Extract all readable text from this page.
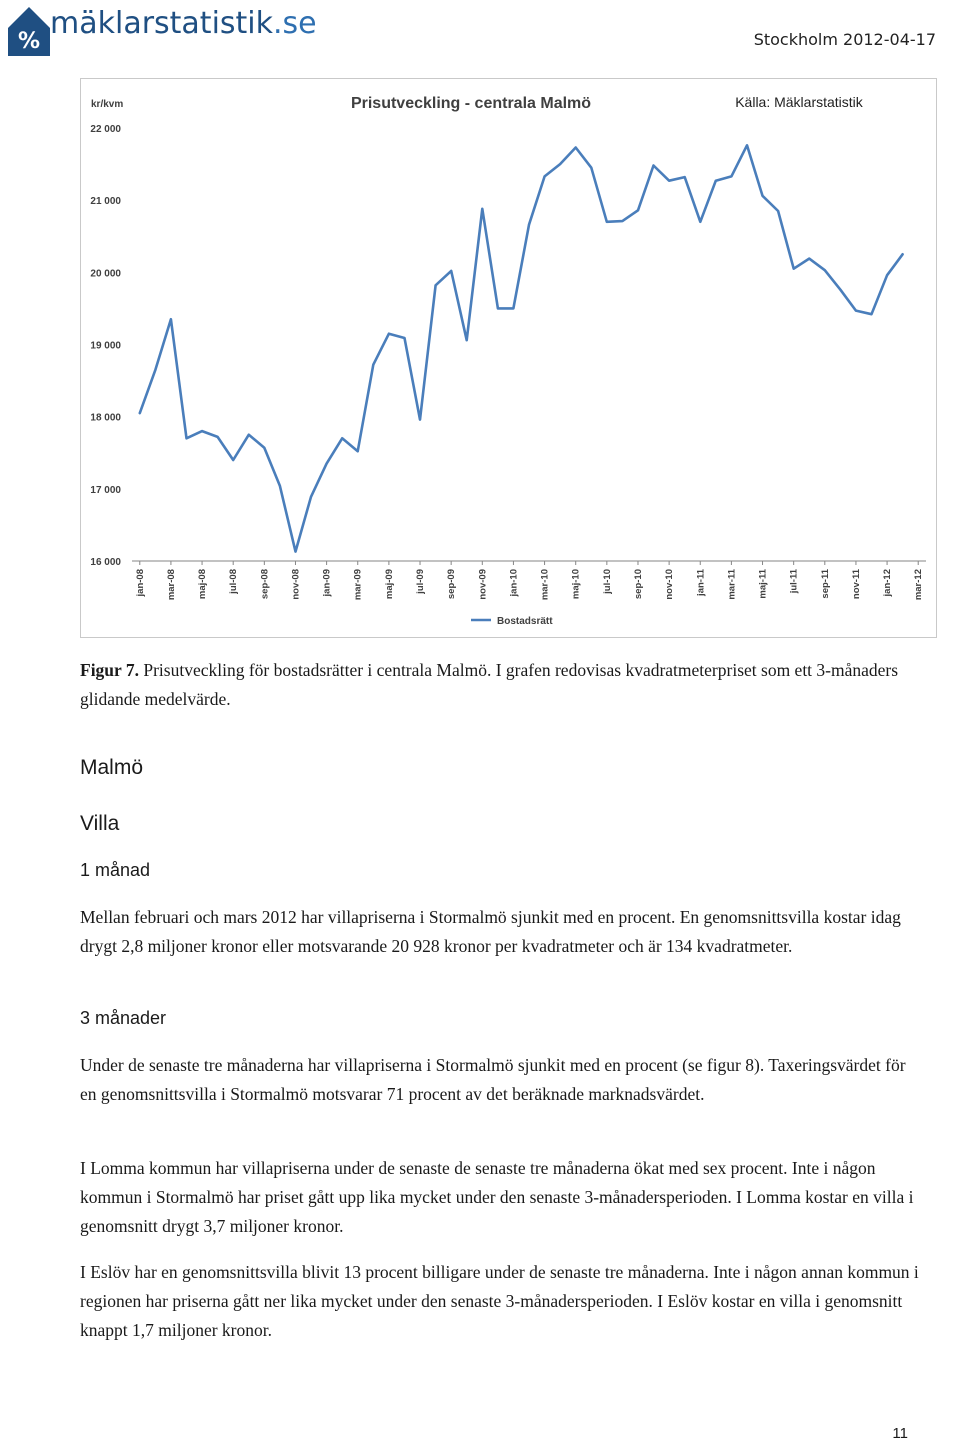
%
mäklarstatistik.se	Stockholm 2012-04-17
Prisutveckling - centrala Malmö	Källa: Mäklarstatistik
kr/kvm
16 000
17 000
18 000
19 000
20 000
21 000
22 000
jan-08 mar-08 maj-08 jul-08 sep-08 nov-08 jan-09 mar-09 maj-09 jul-09 sep-09 nov-09 jan-10 mar-10 maj-10 jul-10 sep-10 nov-10 jan-11 mar-11 maj-11 jul-11 sep-11 nov-11 jan-12 mar-12
Bostadsrätt
Figur 7. Prisutveckling för bostadsrätter i centrala Malmö. I grafen redovisas kvadratmeterpriset som ett 3-månaders glidande medelvärde.
Malmö
Villa
1 månad
Mellan februari och mars 2012 har villapriserna i Stormalmö sjunkit med en procent. En genomsnittsvilla kostar idag drygt 2,8 miljoner kronor eller motsvarande 20 928 kronor per kvadratmeter och är 134 kvadratmeter.
3 månader
Under de senaste tre månaderna har villapriserna i Stormalmö sjunkit med en procent (se figur 8). Taxeringsvärdet för en genomsnittsvilla i Stormalmö motsvarar 71 procent av det beräknade marknadsvärdet.
I Lomma kommun har villapriserna under de senaste de senaste tre månaderna ökat med sex procent. Inte i någon kommun i Stormalmö har priset gått upp lika mycket under den senaste 3-månadersperioden. I Lomma kostar en villa i genomsnitt drygt 3,7 miljoner kronor.
I Eslöv har en genomsnittsvilla blivit 13 procent billigare under de senaste tre månaderna. Inte i någon annan kommun i regionen har priserna gått ner lika mycket under den senaste 3-månadersperioden. I Eslöv kostar en villa i genomsnitt knappt 1,7 miljoner kronor.
11
